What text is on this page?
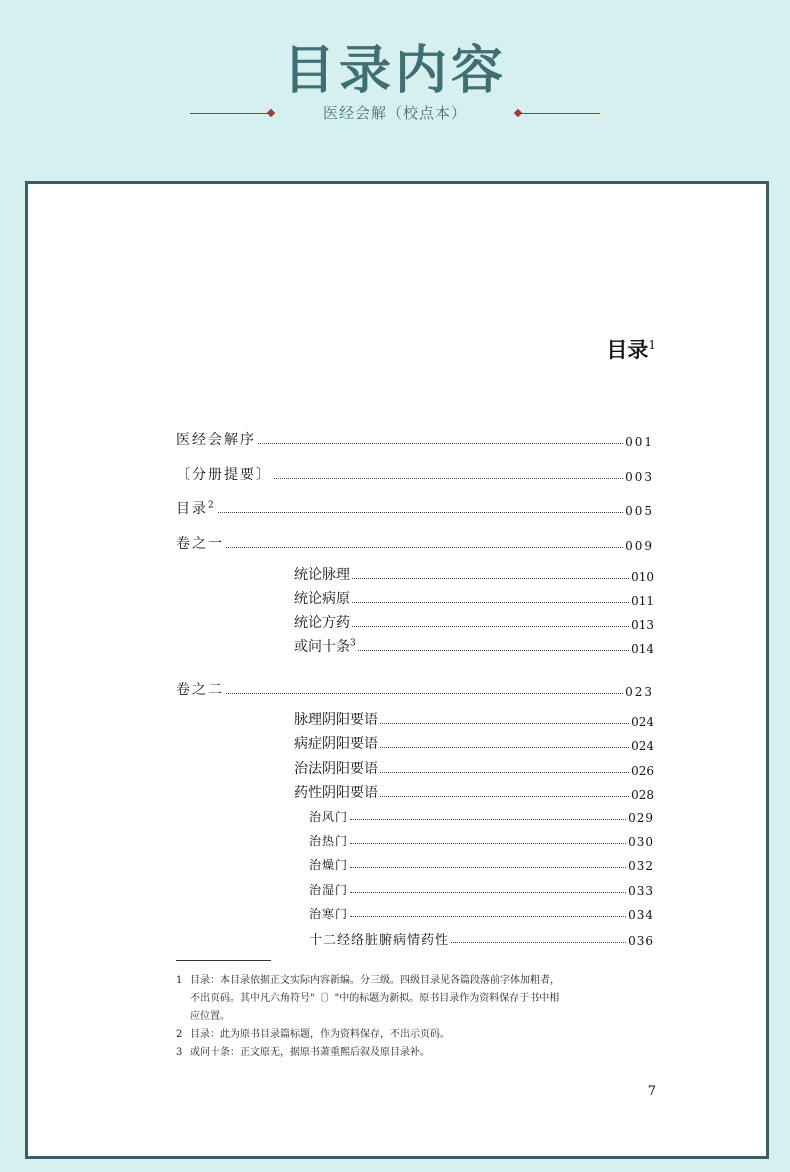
目录内容
医经会解（校点本）
目录$^1$
医经会解序	001
〔分册提要〕	003
目录$^2$	005
卷之一	009
统论脉理	010
统论病原	011
统论方药	013
或问十条$^3$	014
卷之二	023
脉理阴阳要语	024
病症阴阳要语	024
治法阴阳要语	026
药性阴阳要语	028
治风门	029
治热门	030
治燥门	032
治湿门	033
治寒门	034
十二经络脏腑病情药性	036
1 目录：本目录依据正文实际内容新编。分三级。四级目录见各篇段落前字体加粗者，
不出页码。其中凡六角符号"〔〕"中的标题为新拟。原书目录作为资料保存于书中相
应位置。
2 目录：此为原书目录篇标题，作为资料保存，不出示页码。
3 或问十条：正文原无，据原书萧重熙后叙及原目录补。
7
